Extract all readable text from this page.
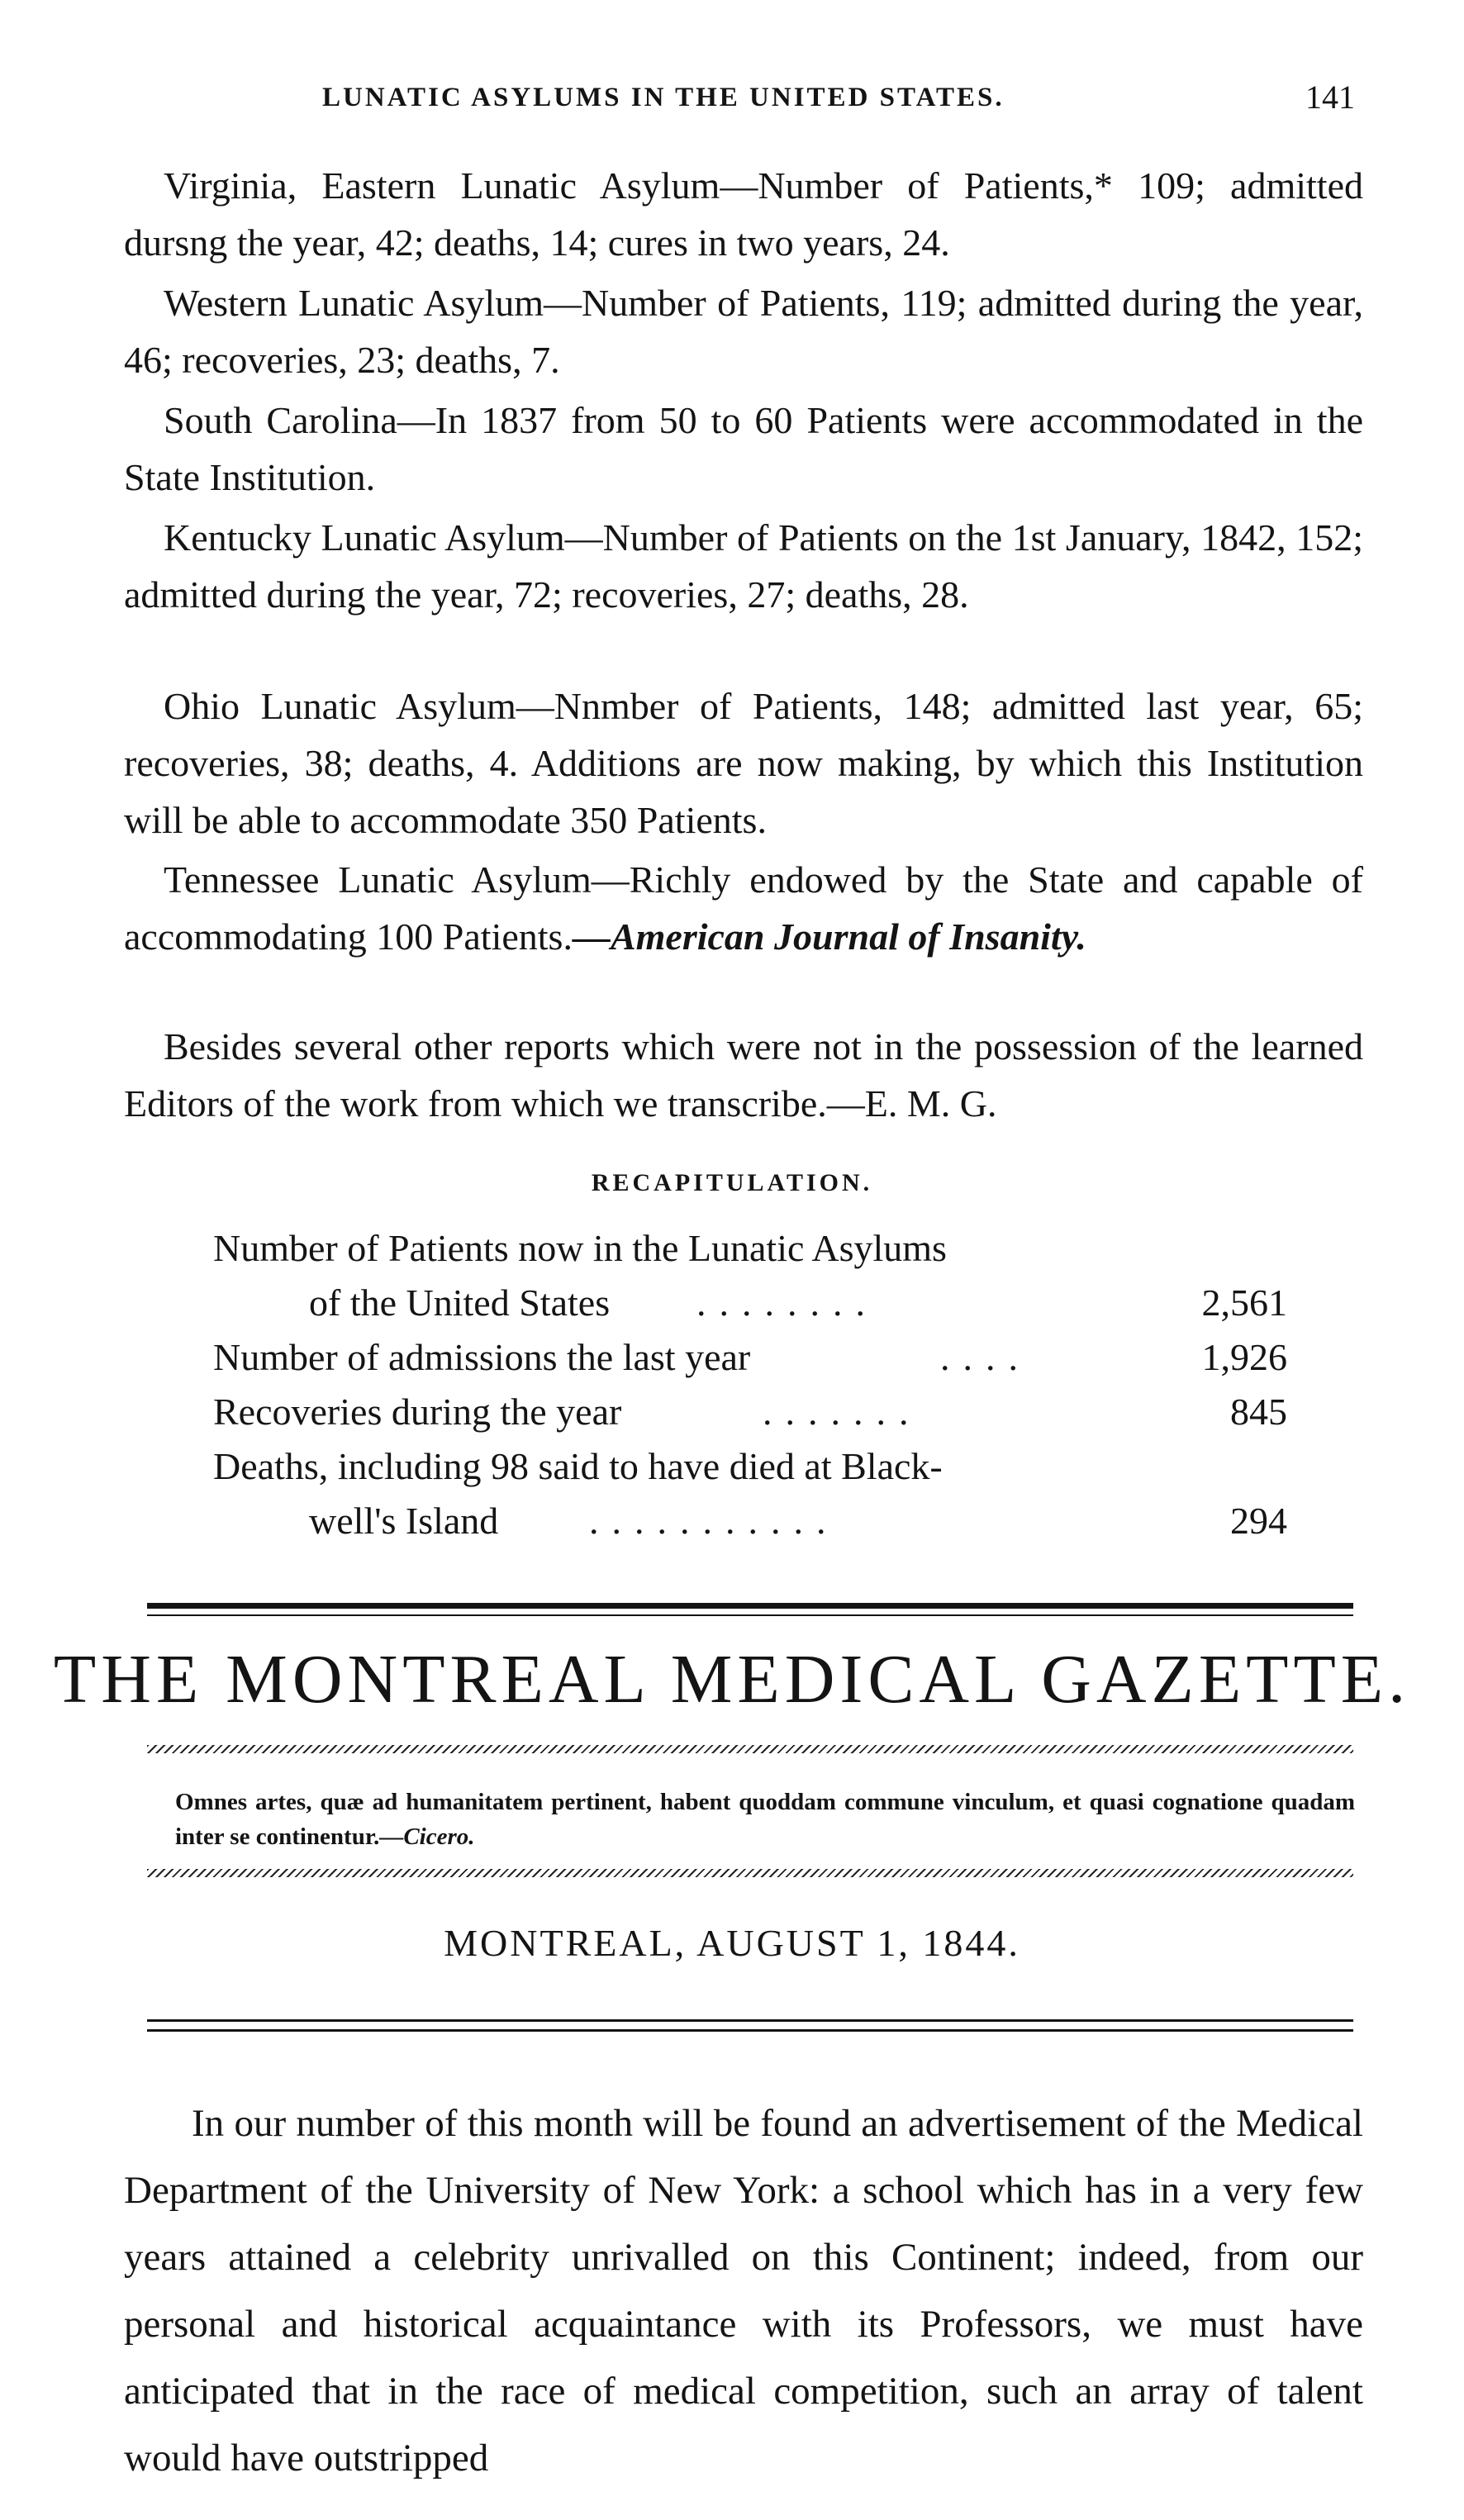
LUNATIC ASYLUMS IN THE UNITED STATES.	141

Virginia, Eastern Lunatic Asylum—Number of Patients,* 109; admitted dursng the year, 42; deaths, 14; cures in two years, 24.

Western Lunatic Asylum—Number of Patients, 119; admitted during the year, 46; recoveries, 23; deaths, 7.

South Carolina—In 1837 from 50 to 60 Patients were accommodated in the State Institution.

Kentucky Lunatic Asylum—Number of Patients on the 1st January, 1842, 152; admitted during the year, 72; recoveries, 27; deaths, 28.

Ohio Lunatic Asylum—Nnmber of Patients, 148; admitted last year, 65; recoveries, 38; deaths, 4. Additions are now making, by which this Institution will be able to accommodate 350 Patients.

Tennessee Lunatic Asylum—Richly endowed by the State and capable of accommodating 100 Patients.—American Journal of Insanity.

Besides several other reports which were not in the possession of the learned Editors of the work from which we transcribe.—E. M. G.

RECAPITULATION.
Number of Patients now in the Lunatic Asylums
of the United States ........	2,561
Number of admissions the last year	....	1,926
Recoveries during the year	.......	845
Deaths, including 98 said to have died at Black-
well's Island ...........	294
THE MONTREAL MEDICAL GAZETTE.

Omnes artes, quæ ad humanitatem pertinent, habent quoddam commune vinculum, et quasi cognatione quadam inter se continentur.—Cicero.

MONTREAL, AUGUST 1, 1844.

In our number of this month will be found an advertisement of the Medical Department of the University of New York: a school which has in a very few years attained a celebrity unrivalled on this Continent; indeed, from our personal and historical acquaintance with its Professors, we must have anticipated that in the race of medical competition, such an array of talent would have outstripped
